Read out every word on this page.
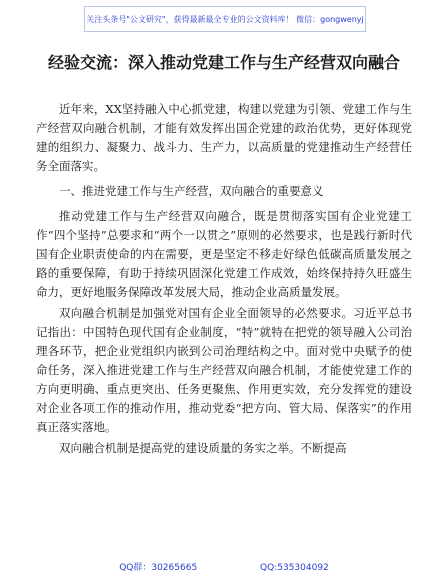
关注头条号"公文研究"，获得最新最全专业的公文资料库！ 微信：gongwenyj
经验交流：深入推动党建工作与生产经营双向融合

近年来，XX坚持融入中心抓党建，构建以党建为引领、党建工作与生产经营双向融合机制，才能有效发挥出国企党建的政治优势，更好体现党建的组织力、凝聚力、战斗力、生产力，以高质量的党建推动生产经营任务全面落实。

一、推进党建工作与生产经营，双向融合的重要意义

推动党建工作与生产经营双向融合，既是贯彻落实国有企业党建工作“四个坚持”总要求和“两个一以贯之”原则的必然要求，也是践行新时代国有企业职责使命的内在需要，更是坚定不移走好绿色低碳高质量发展之路的重要保障，有助于持续巩固深化党建工作成效，始终保持持久旺盛生命力，更好地服务保障改革发展大局，推动企业高质量发展。

双向融合机制是加强党对国有企业全面领导的必然要求。习近平总书记指出：中国特色现代国有企业制度，“特”就特在把党的领导融入公司治理各环节，把企业党组织内嵌到公司治理结构之中。面对党中央赋予的使命任务，深入推进党建工作与生产经营双向融合机制，才能使党建工作的方向更明确、重点更突出、任务更聚焦、作用更实效，充分发挥党的建设对企业各项工作的推动作用，推动党委“把方向、管大局、保落实”的作用真正落实落地。

双向融合机制是提高党的建设质量的务实之举。不断提高

QQ群：30265665	QQ:535304092
